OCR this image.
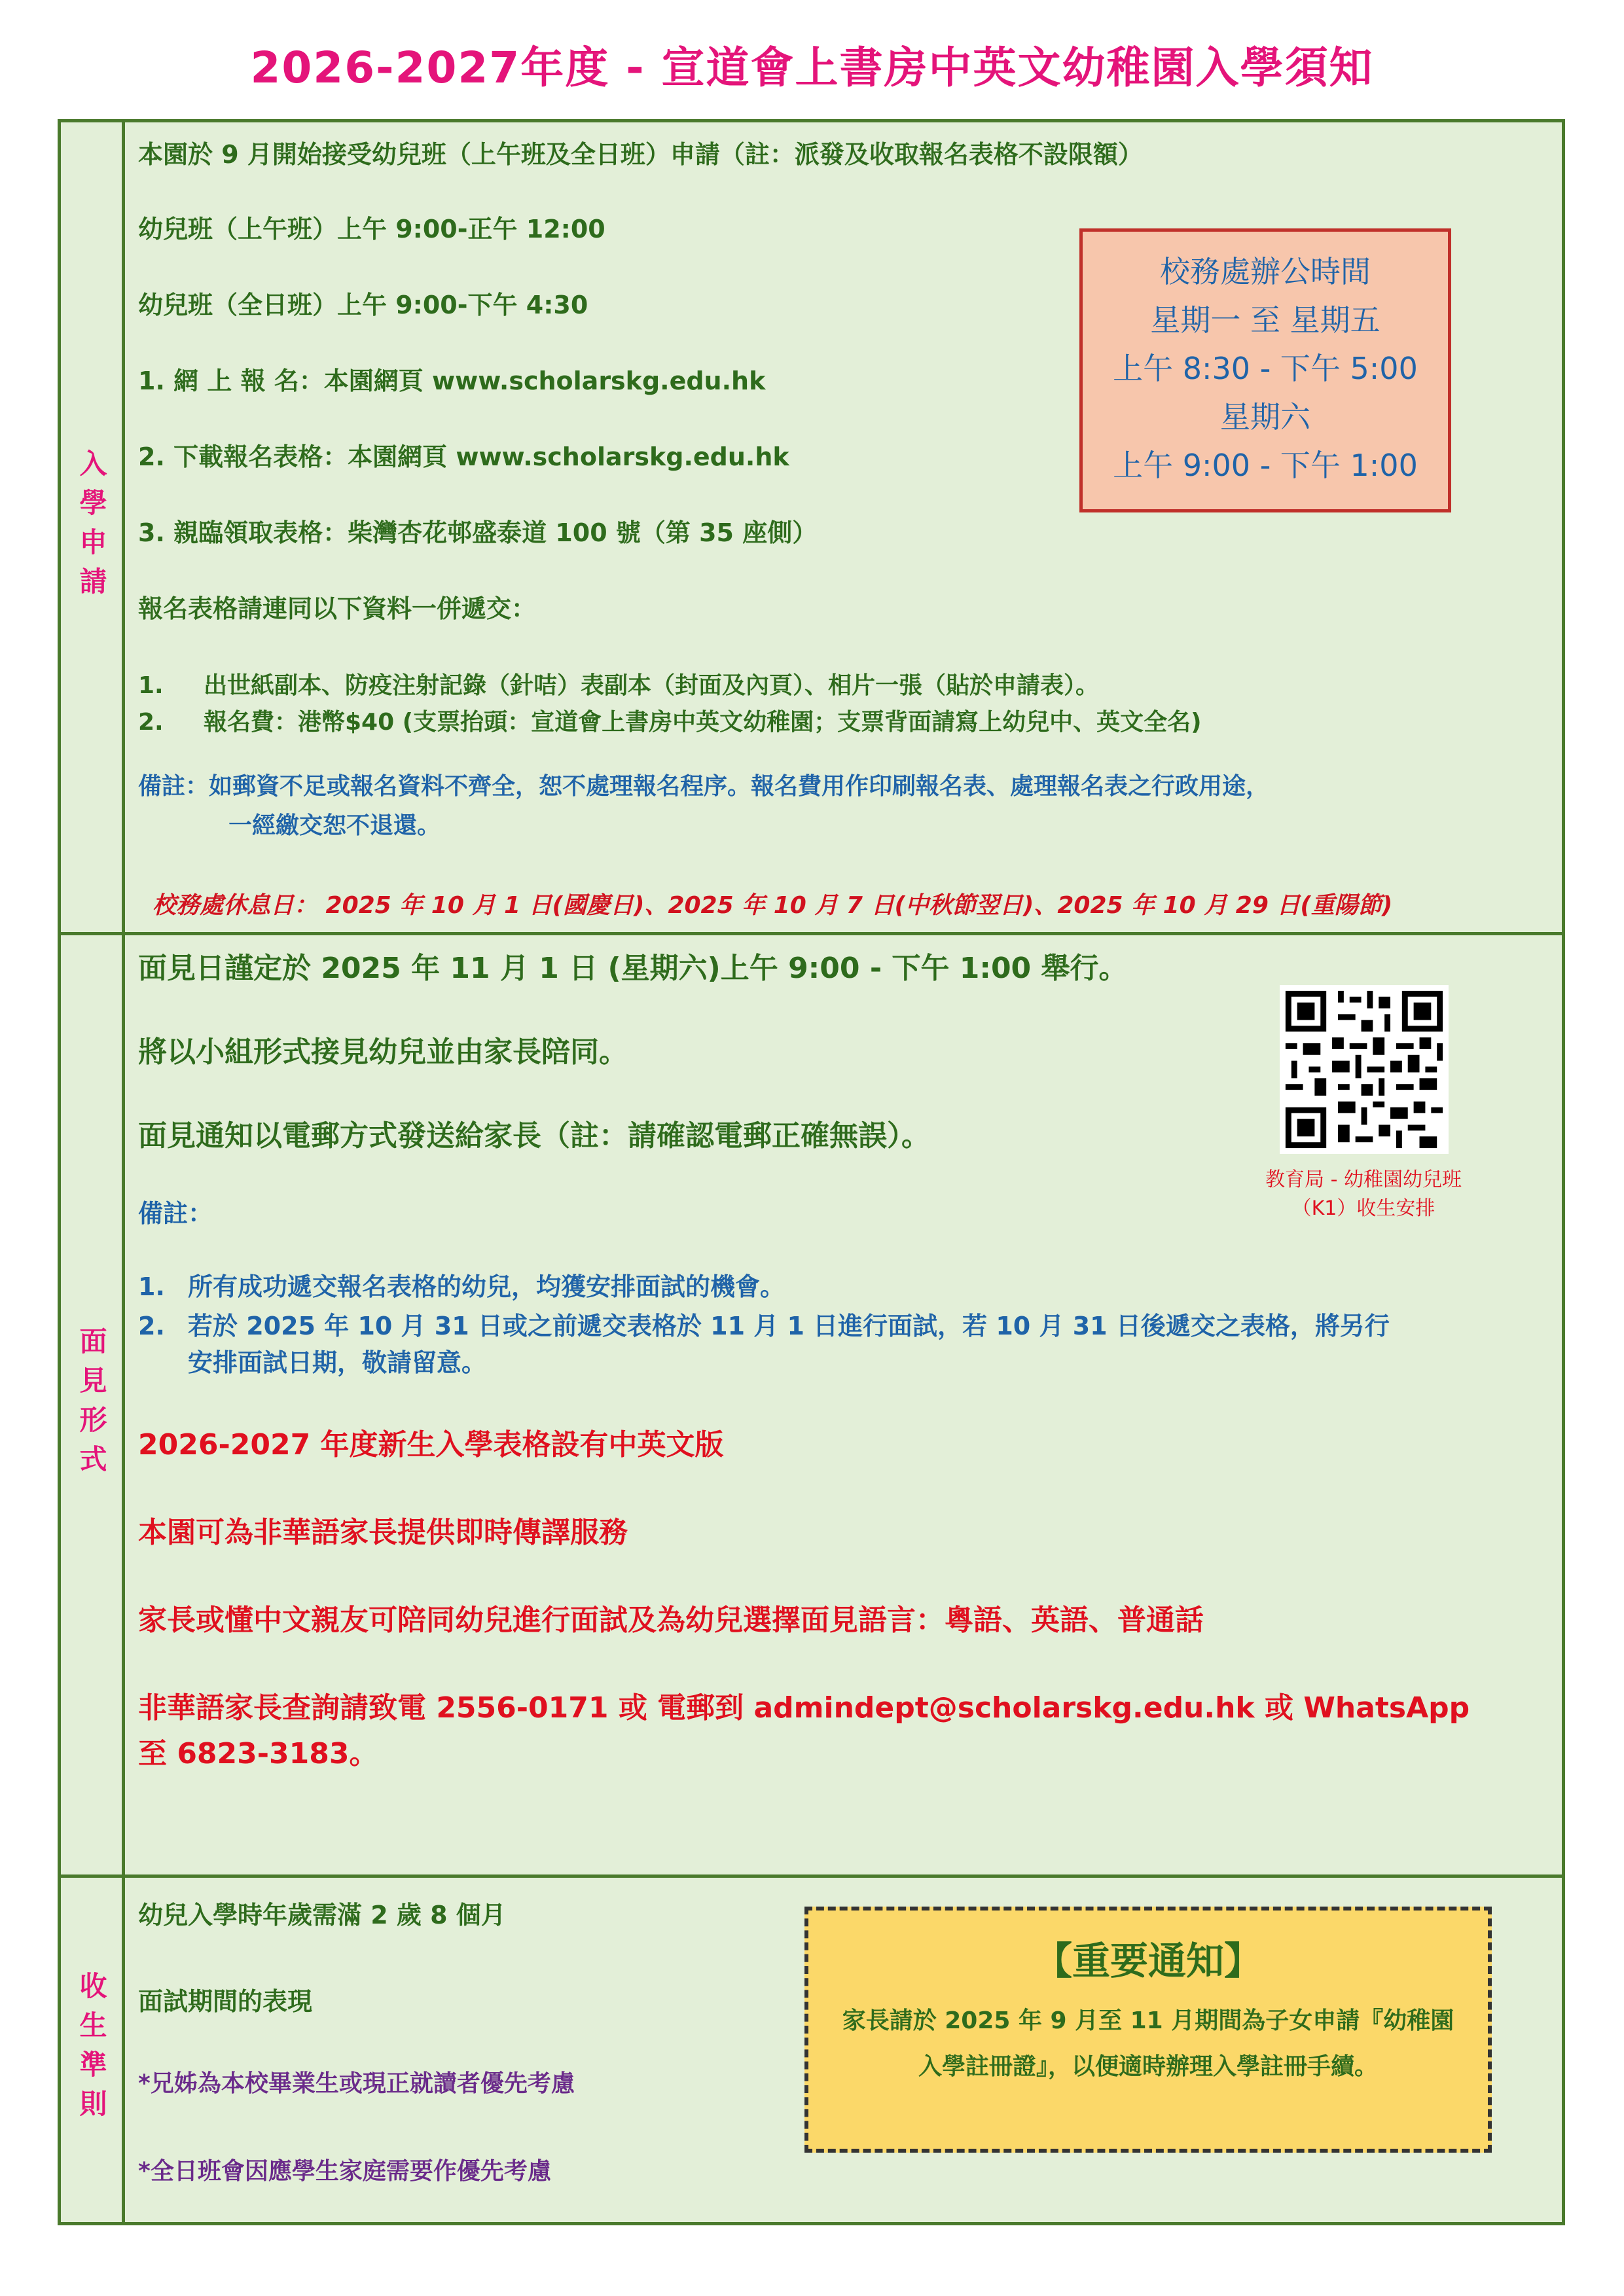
2026-2027年度 - 宣道會上書房中英文幼稚園入學須知
入學申請
本園於 9 月開始接受幼兒班（上午班及全日班）申請（註：派發及收取報名表格不設限額）
幼兒班（上午班）上午 9:00-正午 12:00
幼兒班（全日班）上午 9:00-下午 4:30
1. 網 上 報 名：本園網頁 www.scholarskg.edu.hk
2. 下載報名表格：本園網頁 www.scholarskg.edu.hk
3. 親臨領取表格：柴灣杏花邨盛泰道 100 號（第 35 座側）
報名表格請連同以下資料一併遞交：
1. 出世紙副本、防疫注射記錄（針咭）表副本（封面及內頁）、相片一張（貼於申請表）。
2. 報名費：港幣$40 (支票抬頭：宣道會上書房中英文幼稚園；支票背面請寫上幼兒中、英文全名)
備註：如郵資不足或報名資料不齊全，恕不處理報名程序。報名費用作印刷報名表、處理報名表之行政用途，
一經繳交恕不退還。
校務處休息日： 2025 年 10 月 1 日(國慶日)、2025 年 10 月 7 日(中秋節翌日)、2025 年 10 月 29 日(重陽節)
校務處辦公時間
星期一 至 星期五
上午 8:30 - 下午 5:00
星期六
上午 9:00 - 下午 1:00
面見形式
面見日謹定於 2025 年 11 月 1 日 (星期六)上午 9:00 - 下午 1:00 舉行。
將以小組形式接見幼兒並由家長陪同。
面見通知以電郵方式發送給家長（註：請確認電郵正確無誤）。
備註：
1. 所有成功遞交報名表格的幼兒，均獲安排面試的機會。
2. 若於 2025 年 10 月 31 日或之前遞交表格於 11 月 1 日進行面試，若 10 月 31 日後遞交之表格，將另行
安排面試日期，敬請留意。
2026-2027 年度新生入學表格設有中英文版
本園可為非華語家長提供即時傳譯服務
家長或懂中文親友可陪同幼兒進行面試及為幼兒選擇面見語言：粵語、英語、普通話
非華語家長查詢請致電 2556-0171 或 電郵到 admindept@scholarskg.edu.hk 或 WhatsApp
至 6823-3183。
教育局 - 幼稚園幼兒班（K1）收生安排
收生準則
幼兒入學時年歲需滿 2 歲 8 個月
面試期間的表現
*兄姊為本校畢業生或現正就讀者優先考慮
*全日班會因應學生家庭需要作優先考慮
【重要通知】
家長請於 2025 年 9 月至 11 月期間為子女申請『幼稚園入學註冊證』，以便適時辦理入學註冊手續。
